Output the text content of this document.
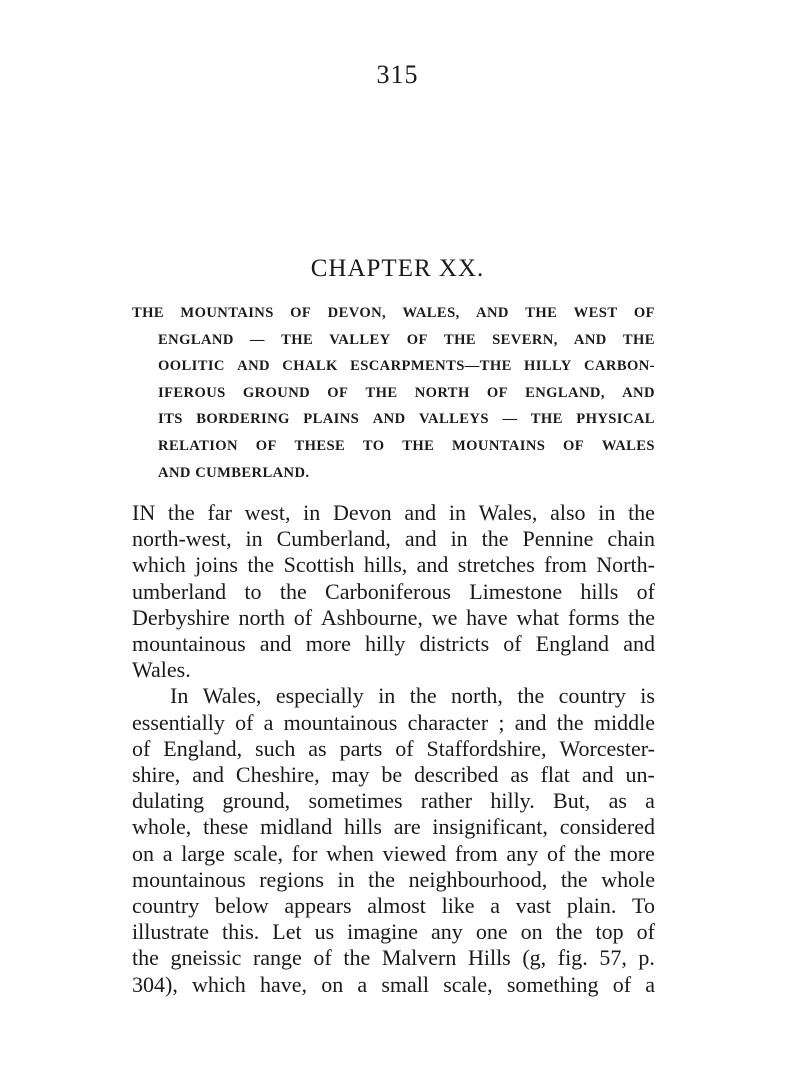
315
CHAPTER XX.
THE MOUNTAINS OF DEVON, WALES, AND THE WEST OF
ENGLAND — THE VALLEY OF THE SEVERN, AND THE
OOLITIC AND CHALK ESCARPMENTS—THE HILLY CARBON-
IFEROUS GROUND OF THE NORTH OF ENGLAND, AND
ITS BORDERING PLAINS AND VALLEYS — THE PHYSICAL
RELATION OF THESE TO THE MOUNTAINS OF WALES
AND CUMBERLAND.
IN the far west, in Devon and in Wales, also in the
north-west, in Cumberland, and in the Pennine chain
which joins the Scottish hills, and stretches from North-
umberland to the Carboniferous Limestone hills of
Derbyshire north of Ashbourne, we have what forms the
mountainous and more hilly districts of England and
Wales.
In Wales, especially in the north, the country is
essentially of a mountainous character ; and the middle
of England, such as parts of Staffordshire, Worcester-
shire, and Cheshire, may be described as flat and un-
dulating ground, sometimes rather hilly. But, as a
whole, these midland hills are insignificant, considered
on a large scale, for when viewed from any of the more
mountainous regions in the neighbourhood, the whole
country below appears almost like a vast plain. To
illustrate this. Let us imagine any one on the top of
the gneissic range of the Malvern Hills (g, fig. 57, p.
304), which have, on a small scale, something of a
